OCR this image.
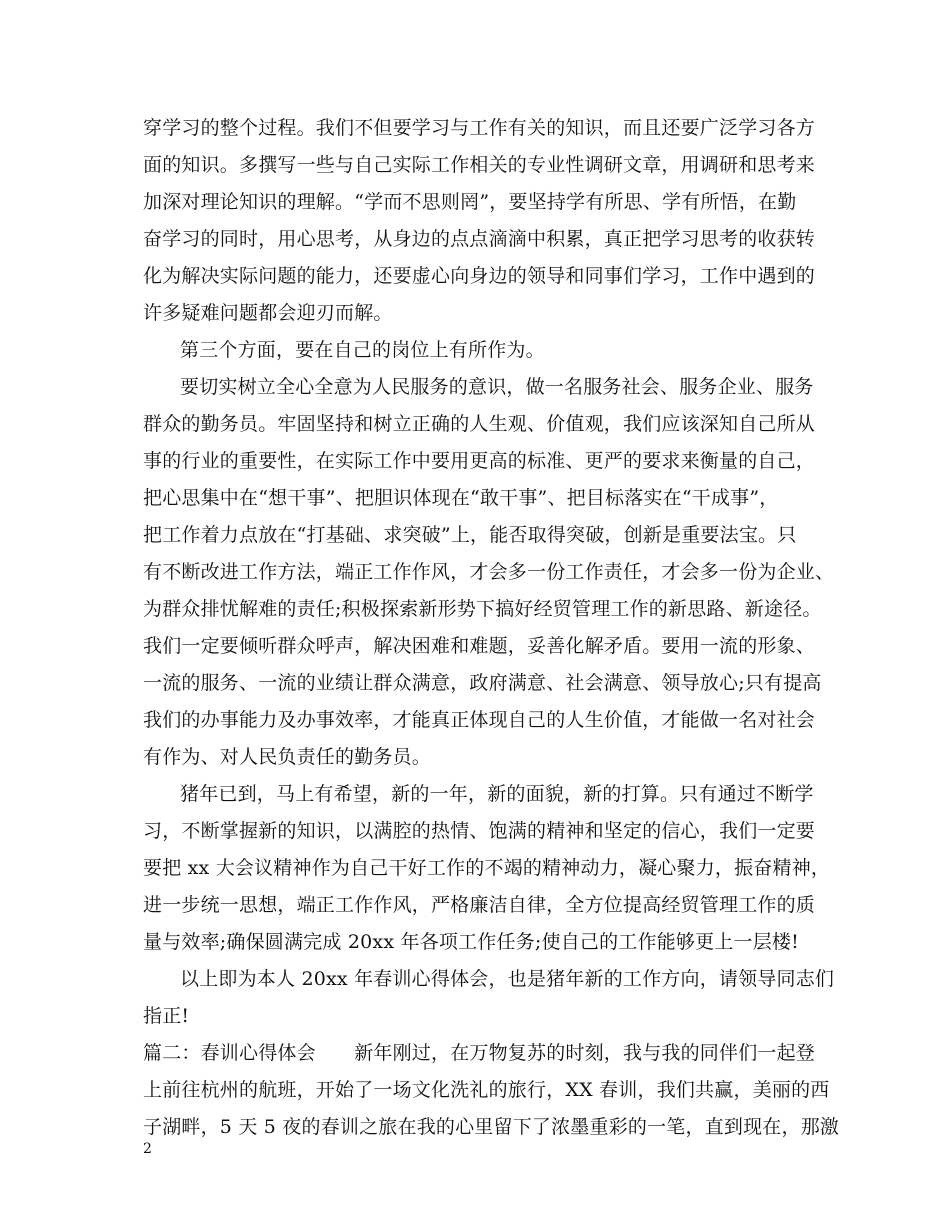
穿学习的整个过程。我们不但要学习与工作有关的知识，而且还要广泛学习各方
面的知识。多撰写一些与自己实际工作相关的专业性调研文章，用调研和思考来
加深对理论知识的理解。“学而不思则罔”，要坚持学有所思、学有所悟，在勤
奋学习的同时，用心思考，从身边的点点滴滴中积累，真正把学习思考的收获转
化为解决实际问题的能力，还要虚心向身边的领导和同事们学习，工作中遇到的
许多疑难问题都会迎刃而解。
第三个方面，要在自己的岗位上有所作为。
要切实树立全心全意为人民服务的意识，做一名服务社会、服务企业、服务
群众的勤务员。牢固坚持和树立正确的人生观、价值观，我们应该深知自己所从
事的行业的重要性，在实际工作中要用更高的标准、更严的要求来衡量的自己，
把心思集中在“想干事”、把胆识体现在“敢干事”、把目标落实在“干成事”，
把工作着力点放在“打基础、求突破”上，能否取得突破，创新是重要法宝。只
有不断改进工作方法，端正工作作风，才会多一份工作责任，才会多一份为企业、
为群众排忧解难的责任;积极探索新形势下搞好经贸管理工作的新思路、新途径。
我们一定要倾听群众呼声，解决困难和难题，妥善化解矛盾。要用一流的形象、
一流的服务、一流的业绩让群众满意，政府满意、社会满意、领导放心;只有提高
我们的办事能力及办事效率，才能真正体现自己的人生价值，才能做一名对社会
有作为、对人民负责任的勤务员。
猪年已到，马上有希望，新的一年，新的面貌，新的打算。只有通过不断学
习，不断掌握新的知识，以满腔的热情、饱满的精神和坚定的信心，我们一定要
要把 xx 大会议精神作为自己干好工作的不竭的精神动力，凝心聚力，振奋精神，
进一步统一思想，端正工作作风，严格廉洁自律，全方位提高经贸管理工作的质
量与效率;确保圆满完成 20xx 年各项工作任务;使自己的工作能够更上一层楼!
以上即为本人 20xx 年春训心得体会，也是猪年新的工作方向，请领导同志们
指正!
篇二：春训心得体会　　新年刚过，在万物复苏的时刻，我与我的同伴们一起登
上前往杭州的航班，开始了一场文化洗礼的旅行，XX 春训，我们共赢，美丽的西
子湖畔，5 天 5 夜的春训之旅在我的心里留下了浓墨重彩的一笔，直到现在，那激
2
